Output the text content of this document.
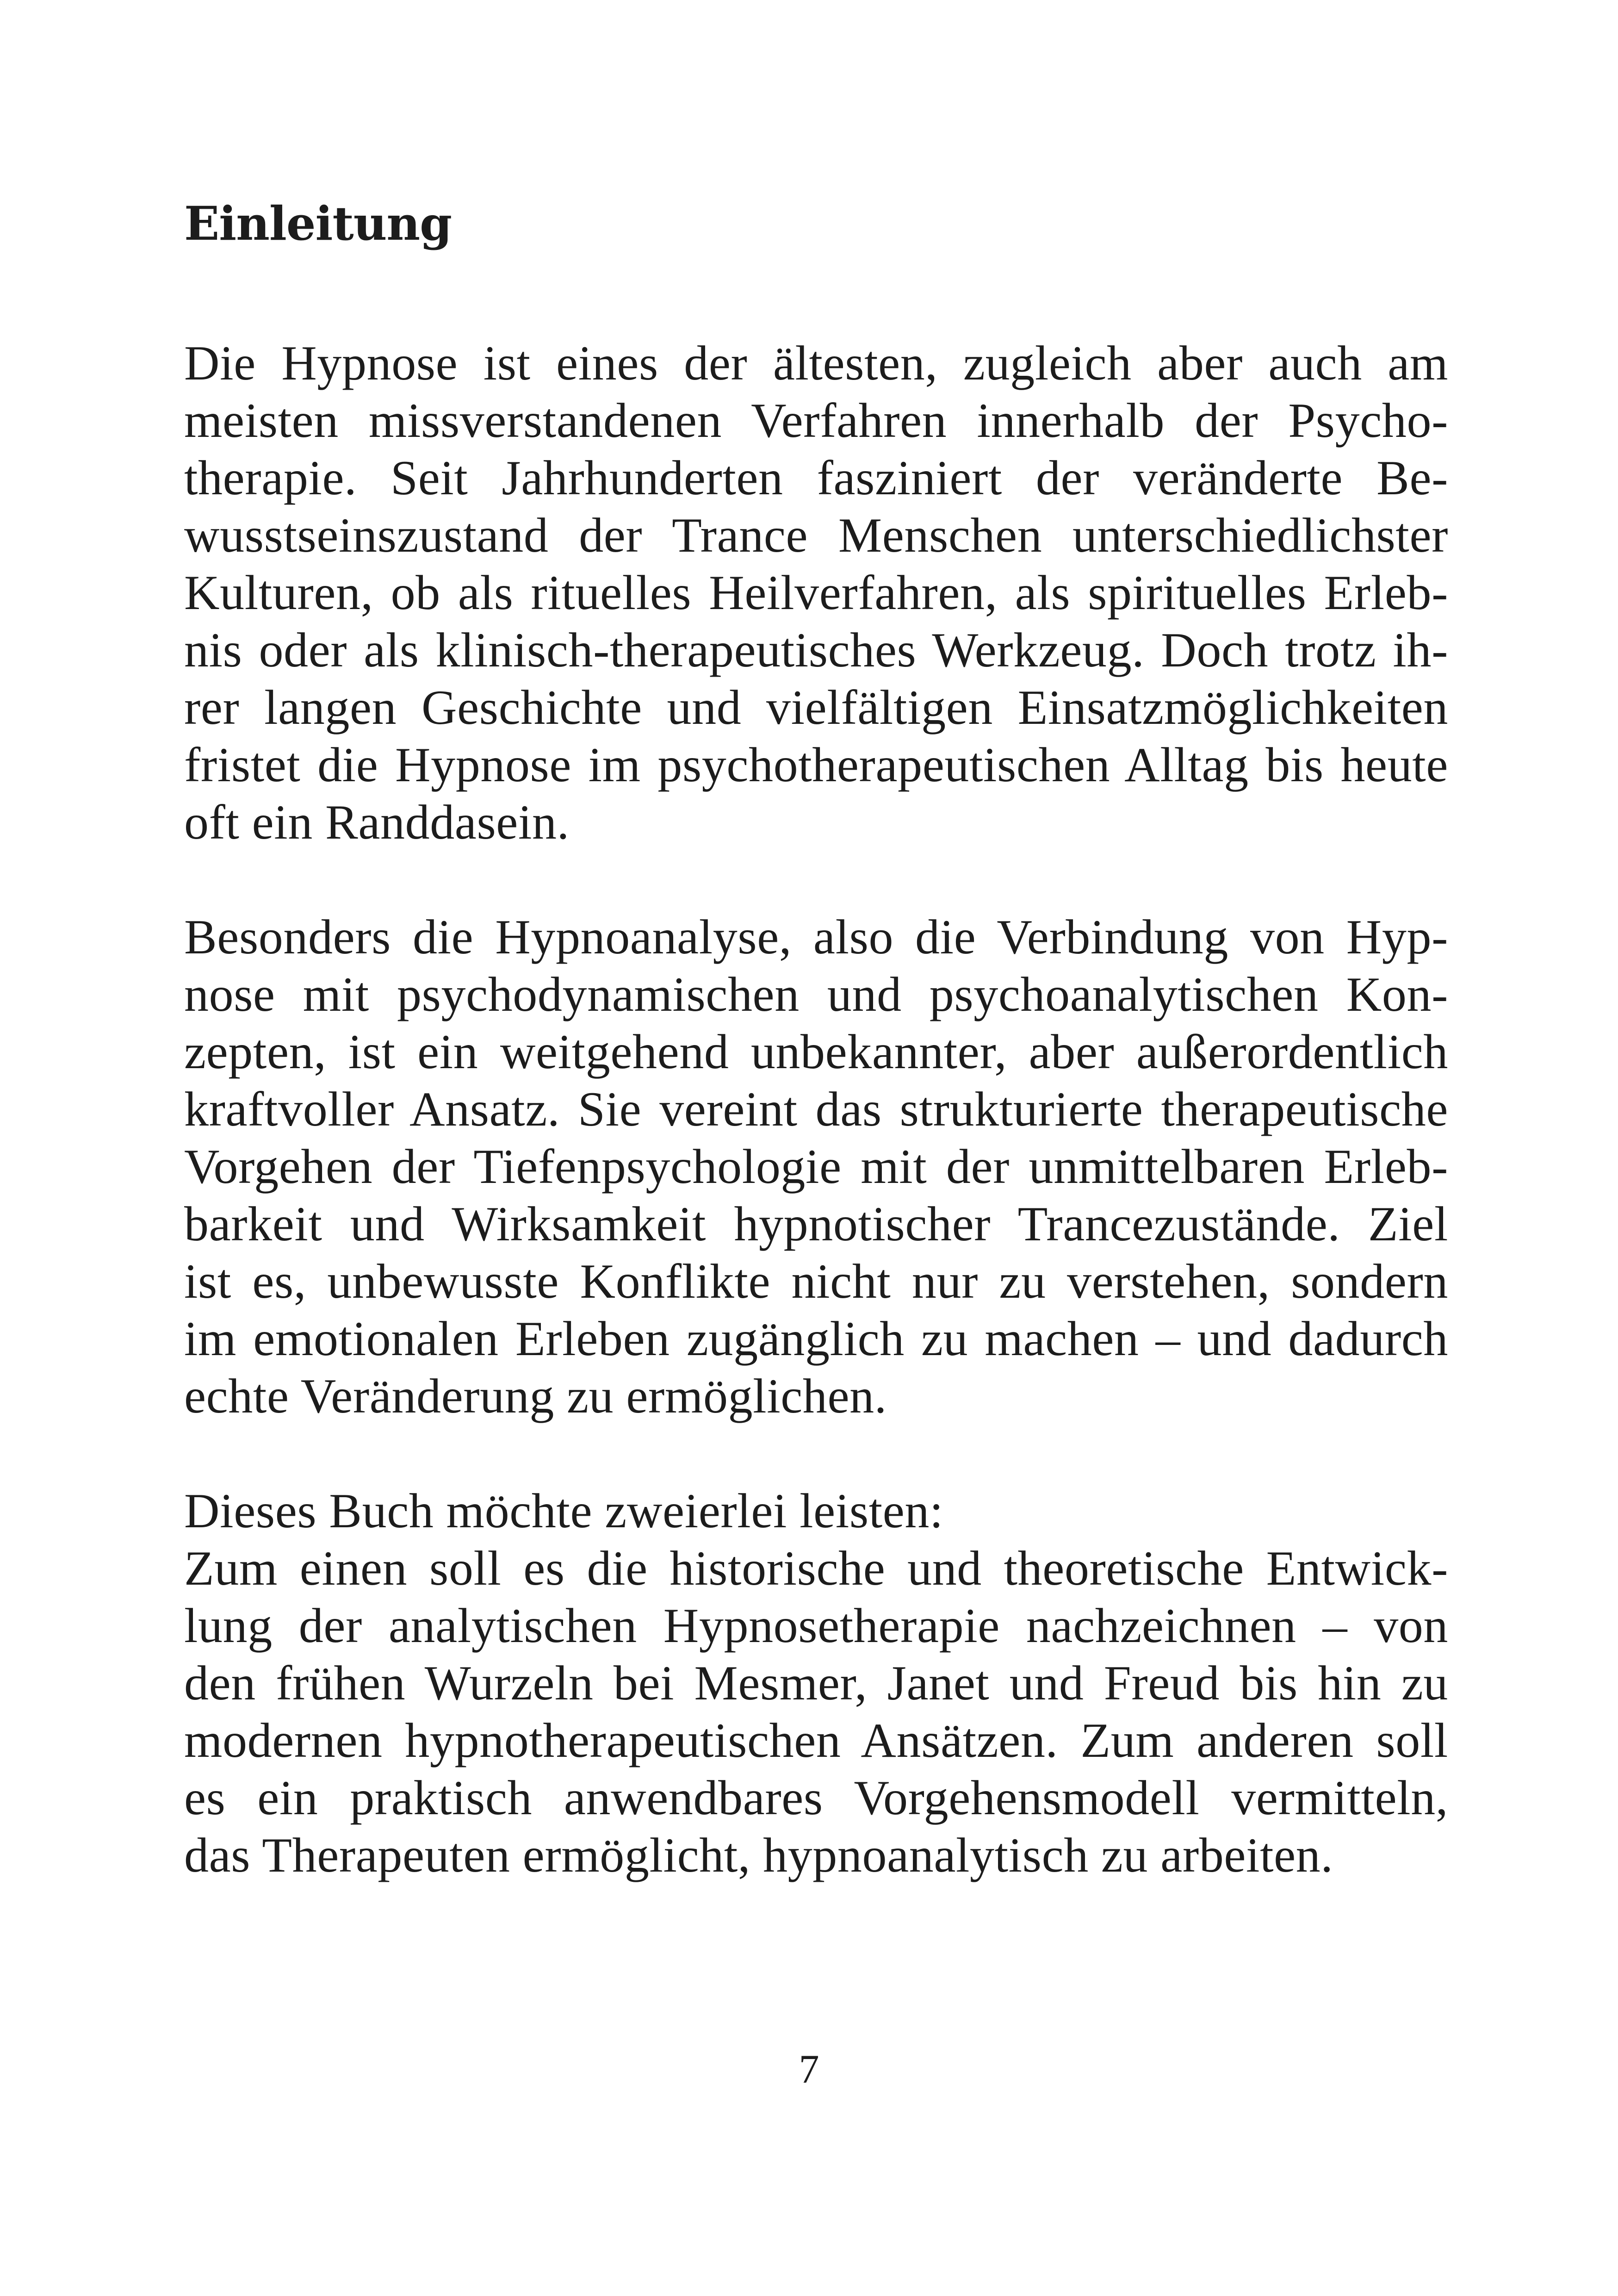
Einleitung
Die Hypnose ist eines der ältesten, zugleich aber auch am
meisten missverstandenen Verfahren innerhalb der Psycho-
therapie. Seit Jahrhunderten fasziniert der veränderte Be-
wusstseinszustand der Trance Menschen unterschiedlichster
Kulturen, ob als rituelles Heilverfahren, als spirituelles Erleb-
nis oder als klinisch-therapeutisches Werkzeug. Doch trotz ih-
rer langen Geschichte und vielfältigen Einsatzmöglichkeiten
fristet die Hypnose im psychotherapeutischen Alltag bis heute
oft ein Randdasein.
Besonders die Hypnoanalyse, also die Verbindung von Hyp-
nose mit psychodynamischen und psychoanalytischen Kon-
zepten, ist ein weitgehend unbekannter, aber außerordentlich
kraftvoller Ansatz. Sie vereint das strukturierte therapeutische
Vorgehen der Tiefenpsychologie mit der unmittelbaren Erleb-
barkeit und Wirksamkeit hypnotischer Trancezustände. Ziel
ist es, unbewusste Konflikte nicht nur zu verstehen, sondern
im emotionalen Erleben zugänglich zu machen – und dadurch
echte Veränderung zu ermöglichen.
Dieses Buch möchte zweierlei leisten:
Zum einen soll es die historische und theoretische Entwick-
lung der analytischen Hypnosetherapie nachzeichnen – von
den frühen Wurzeln bei Mesmer, Janet und Freud bis hin zu
modernen hypnotherapeutischen Ansätzen. Zum anderen soll
es ein praktisch anwendbares Vorgehensmodell vermitteln,
das Therapeuten ermöglicht, hypnoanalytisch zu arbeiten.
7
